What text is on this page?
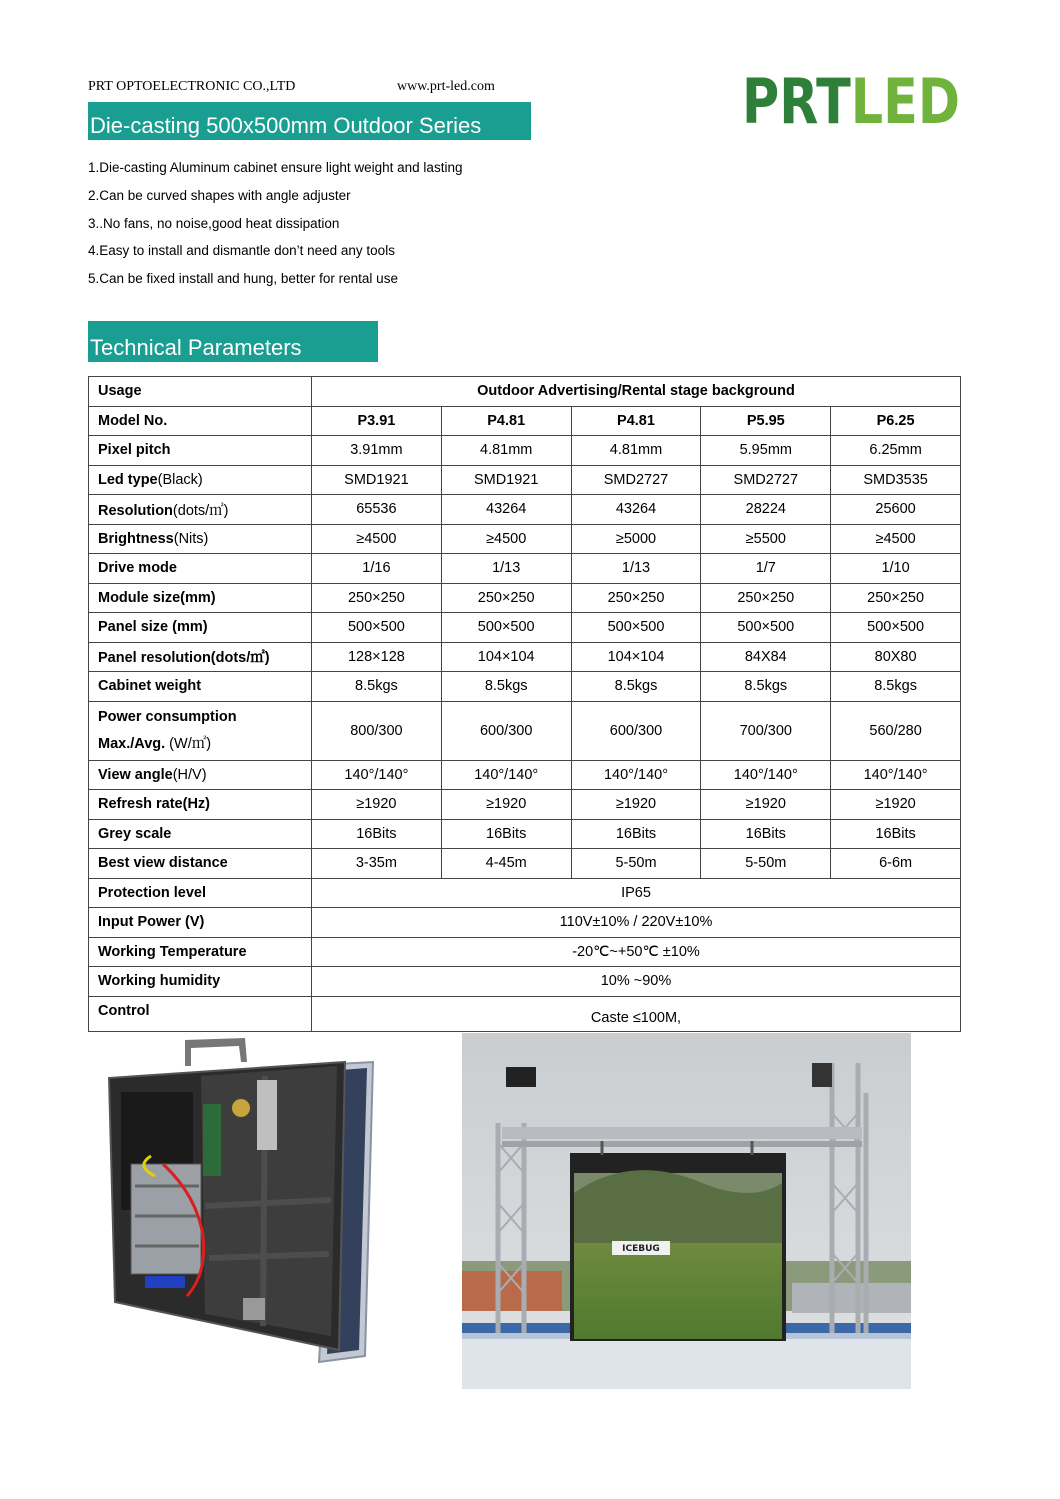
PRT OPTOELECTRONIC CO.,LTD	www.prt-led.com	PRTLED
Die-casting 500x500mm Outdoor Series
1.Die-casting Aluminum cabinet ensure light weight and lasting
2.Can be curved shapes with angle adjuster
3..No fans, no noise,good heat dissipation
4.Easy to install and dismantle don’t need any tools
5.Can be fixed install and hung, better for rental use
Technical Parameters
Usage	Outdoor Advertising/Rental stage background				
Model No.	P3.91	P4.81	P4.81	P5.95	P6.25
Pixel pitch	3.91mm	4.81mm	4.81mm	5.95mm	6.25mm
Led type(Black)	SMD1921	SMD1921	SMD2727	SMD2727	SMD3535
Resolution(dots/㎡)	65536	43264	43264	28224	25600
Brightness(Nits)	≥4500	≥4500	≥5000	≥5500	≥4500
Drive mode	1/16	1/13	1/13	1/7	1/10
Module size(mm)	250×250	250×250	250×250	250×250	250×250
Panel size (mm)	500×500	500×500	500×500	500×500	500×500
Panel resolution(dots/㎡)	128×128	104×104	104×104	84X84	80X80
Cabinet weight	8.5kgs	8.5kgs	8.5kgs	8.5kgs	8.5kgs
Power consumption
Max./Avg. (W/㎡)	800/300	600/300	600/300	700/300	560/280
View angle(H/V)	140°/140°	140°/140°	140°/140°	140°/140°	140°/140°
Refresh rate(Hz)	≥1920	≥1920	≥1920	≥1920	≥1920
Grey scale	16Bits	16Bits	16Bits	16Bits	16Bits
Best view distance	3-35m	4-45m	5-50m	5-50m	6-6m
Protection level	IP65				
Input Power (V)	110V±10% / 220V±10%				
Working Temperature	-20℃~+50℃ ±10%				
Working humidity	10% ~90%				
Control	Caste ≤100M,				
ICEBUG
